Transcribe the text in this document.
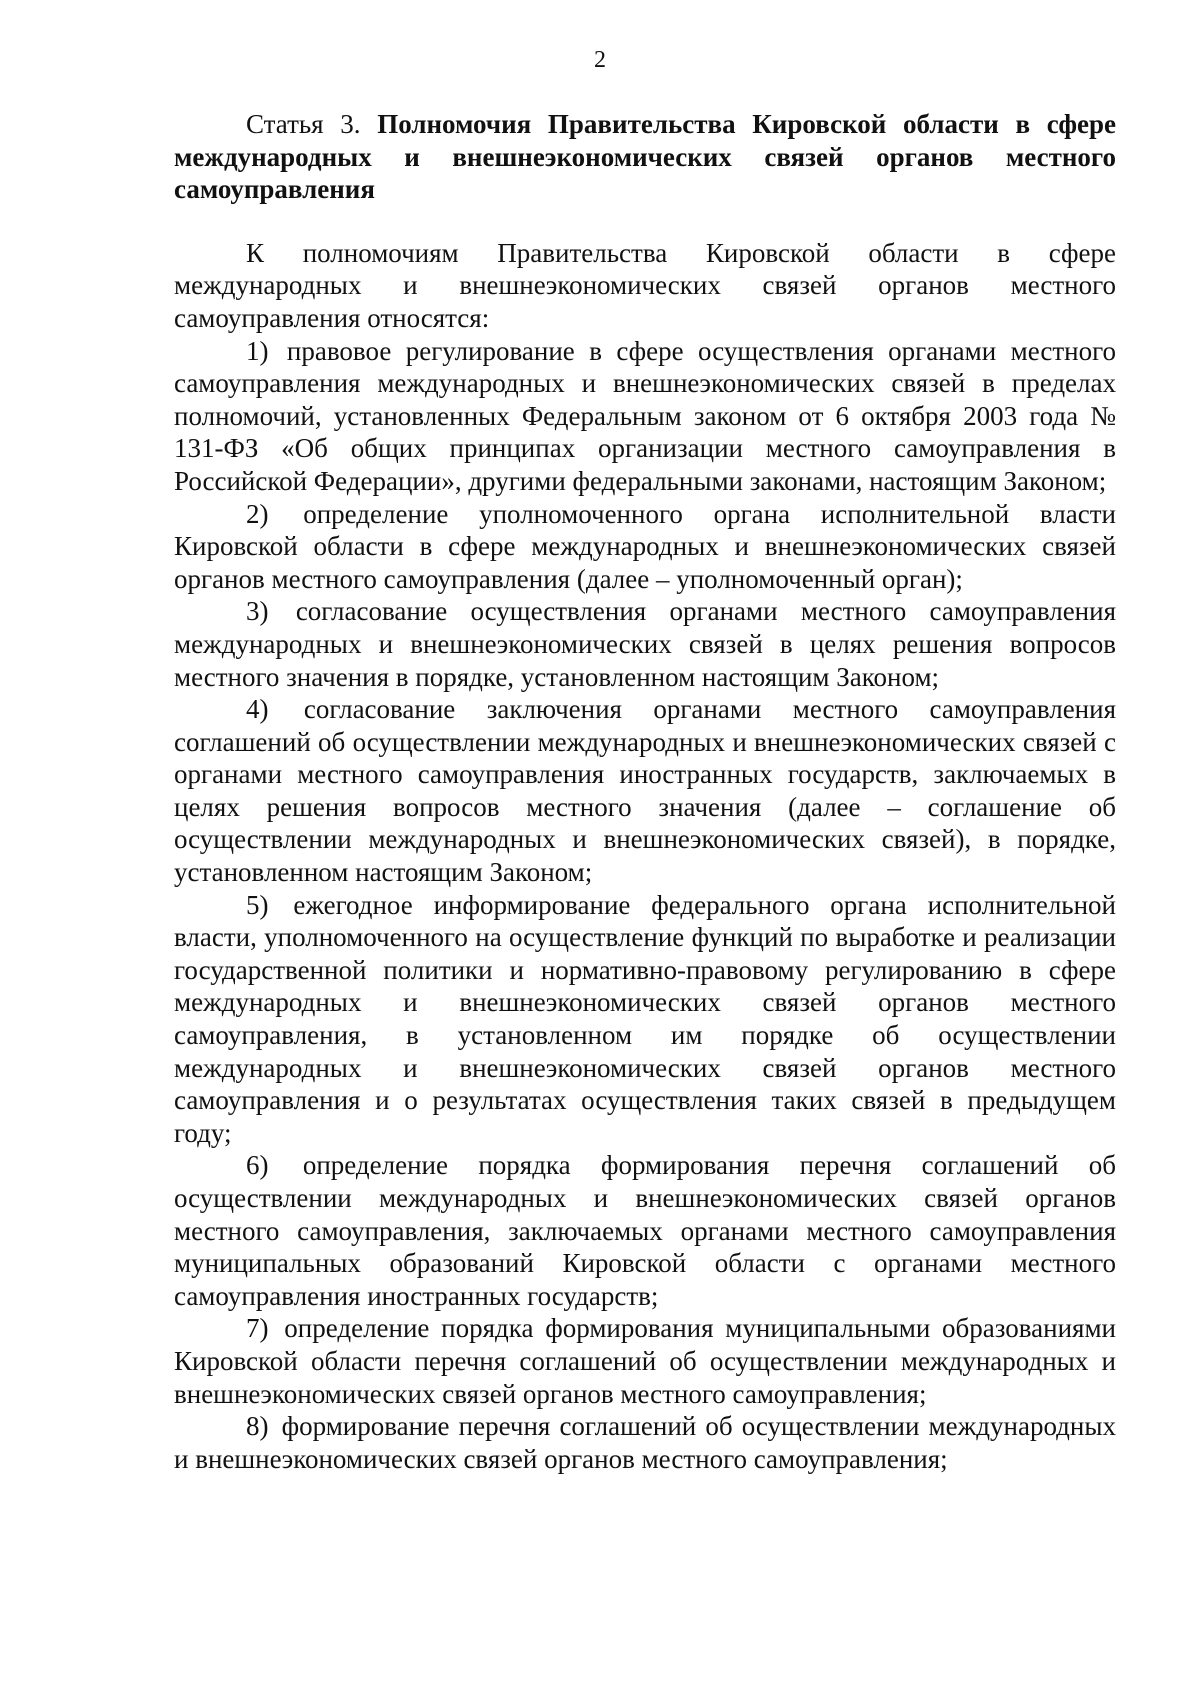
2

Статья 3. Полномочия Правительства Кировской области в сфере международных и внешнеэкономических связей органов местного самоуправления

К полномочиям Правительства Кировской области в сфере международных и внешнеэкономических связей органов местного самоуправления относятся:

1) правовое регулирование в сфере осуществления органами местного самоуправления международных и внешнеэкономических связей в пределах полномочий, установленных Федеральным законом от 6 октября 2003 года № 131-ФЗ «Об общих принципах организации местного самоуправления в Российской Федерации», другими федеральными законами, настоящим Законом;

2) определение уполномоченного органа исполнительной власти Кировской области в сфере международных и внешнеэкономических связей органов местного самоуправления (далее – уполномоченный орган);

3) согласование осуществления органами местного самоуправления международных и внешнеэкономических связей в целях решения вопросов местного значения в порядке, установленном настоящим Законом;

4) согласование заключения органами местного самоуправления соглашений об осуществлении международных и внешнеэкономических связей с органами местного самоуправления иностранных государств, заключаемых в целях решения вопросов местного значения (далее – соглашение об осуществлении международных и внешнеэкономических связей), в порядке, установленном настоящим Законом;

5) ежегодное информирование федерального органа исполнительной власти, уполномоченного на осуществление функций по выработке и реализации государственной политики и нормативно-правовому регулированию в сфере международных и внешнеэкономических связей органов местного самоуправления, в установленном им порядке об осуществлении международных и внешнеэкономических связей органов местного самоуправления и о результатах осуществления таких связей в предыдущем году;

6) определение порядка формирования перечня соглашений об осуществлении международных и внешнеэкономических связей органов местного самоуправления, заключаемых органами местного самоуправления муниципальных образований Кировской области с органами местного самоуправления иностранных государств;

7) определение порядка формирования муниципальными образованиями Кировской области перечня соглашений об осуществлении международных и внешнеэкономических связей органов местного самоуправления;

8) формирование перечня соглашений об осуществлении международных и внешнеэкономических связей органов местного самоуправления;
